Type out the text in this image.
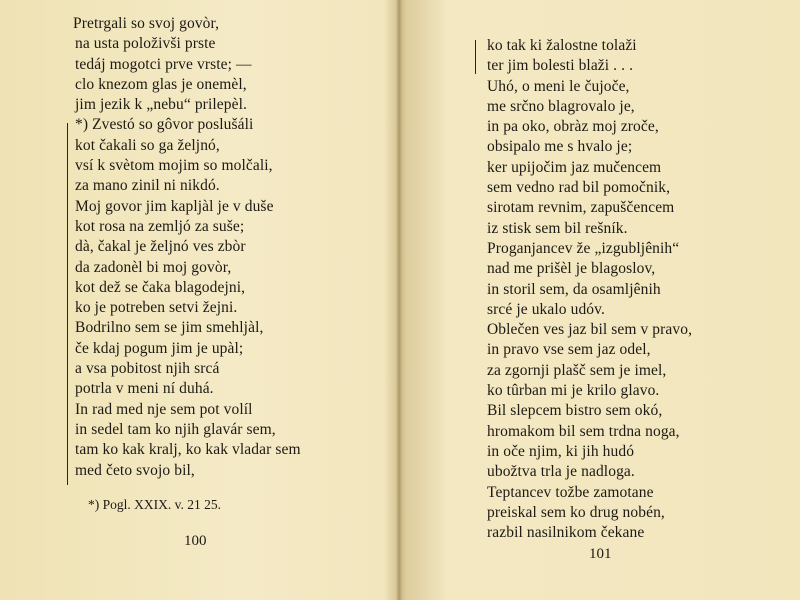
Pretrgali so svoj govòr,
na usta položivši prste
tedáj mogotci prve vrste; —
clo knezom glas je onemèl,
jim jezik k „nebu“ prilepèl.
*) Zvestó so gôvor poslušáli
kot čakali so ga željnó,
vsí k svètom mojim so molčali,
za mano zinil ni nikdó.
Moj govor jim kapljàl je v duše
kot rosa na zemljó za suše;
dà, čakal je željnó ves zbòr
da zadonèl bi moj govòr,
kot dež se čaka blagodejni,
ko je potreben setvi žejni.
Bodrilno sem se jim smehljàl,
če kdaj pogum jim je upàl;
a vsa pobitost njih srcá
potrla v meni ní duhá.
In rad med nje sem pot volíl
in sedel tam ko njih glavár sem,
tam ko kak kralj, ko kak vladar sem
med četo svojo bil,
*) Pogl. XXIX. v. 21 25.
100
ko tak ki žalostne tolaži
ter jim bolesti blaži . . .
Uhó, o meni le čujoče,
me srčno blagrovalo je,
in pa oko, obràz moj zroče,
obsipalo me s hvalo je;
ker upijočim jaz mučencem
sem vedno rad bil pomočnik,
sirotam revnim, zapuščencem
iz stisk sem bil rešník.
Proganjancev že „izgubljênih“
nad me prišèl je blagoslov,
in storil sem, da osamljênih
srcé je ukalo udóv.
Oblečen ves jaz bil sem v pravo,
in pravo vse sem jaz odel,
za zgornji plašč sem je imel,
ko tûrban mi je krilo glavo.
Bil slepcem bistro sem okó,
hromakom bil sem trdna noga,
in oče njim, ki jih hudó
ubožtva trla je nadloga.
Teptancev tožbe zamotane
preiskal sem ko drug nobén,
razbil nasilnikom čekane
101
